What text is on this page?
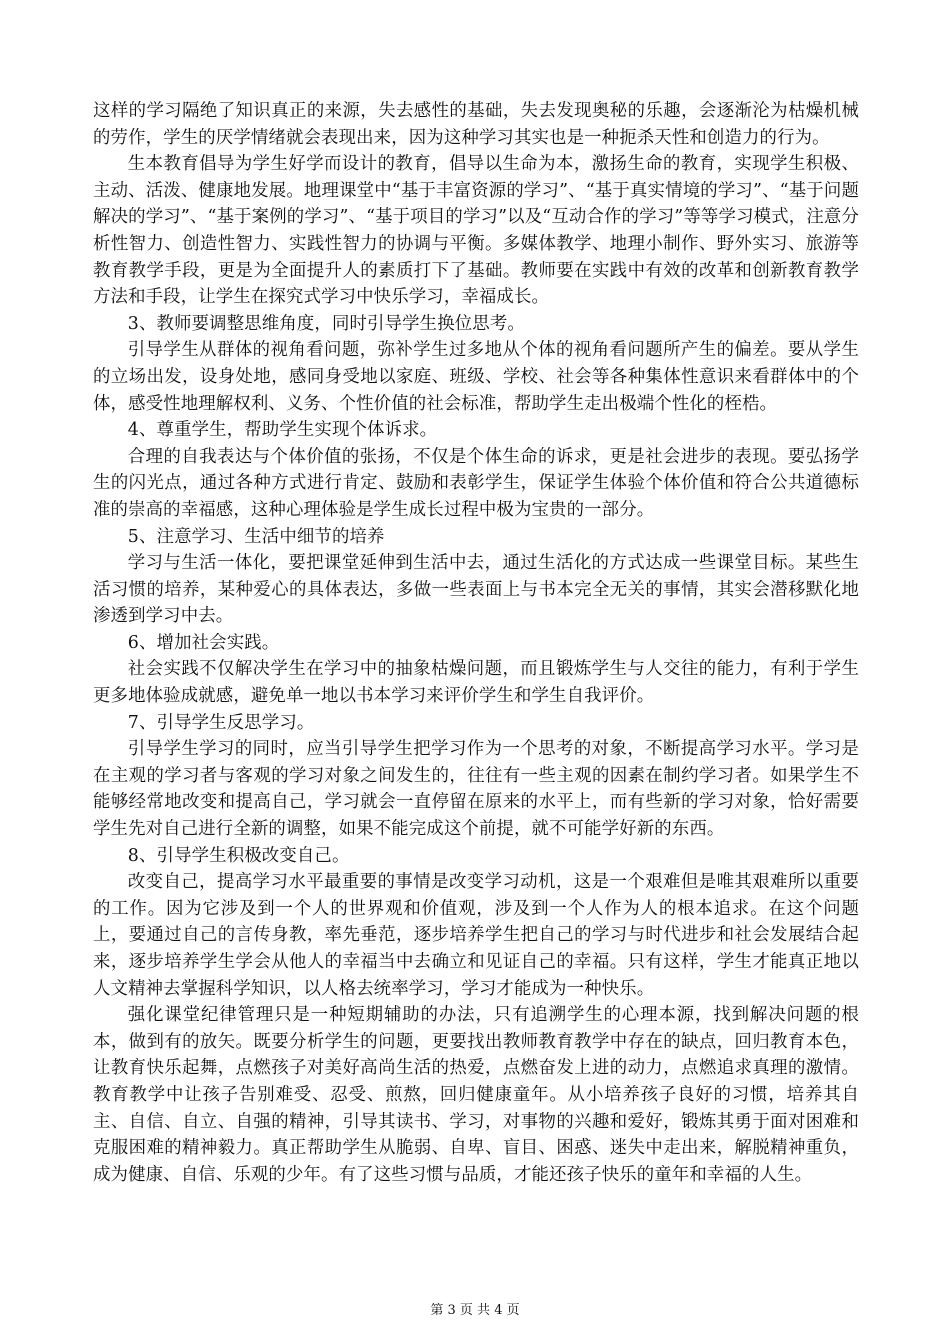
这样的学习隔绝了知识真正的来源，失去感性的基础，失去发现奥秘的乐趣，会逐渐沦为枯燥机械的劳作，学生的厌学情绪就会表现出来，因为这种学习其实也是一种扼杀天性和创造力的行为。

生本教育倡导为学生好学而设计的教育，倡导以生命为本，激扬生命的教育，实现学生积极、主动、活泼、健康地发展。地理课堂中“基于丰富资源的学习”、“基于真实情境的学习”、“基于问题解决的学习”、“基于案例的学习”、“基于项目的学习”以及“互动合作的学习”等等学习模式，注意分析性智力、创造性智力、实践性智力的协调与平衡。多媒体教学、地理小制作、野外实习、旅游等教育教学手段，更是为全面提升人的素质打下了基础。教师要在实践中有效的改革和创新教育教学方法和手段，让学生在探究式学习中快乐学习，幸福成长。

3、教师要调整思维角度，同时引导学生换位思考。

引导学生从群体的视角看问题，弥补学生过多地从个体的视角看问题所产生的偏差。要从学生的立场出发，设身处地，感同身受地以家庭、班级、学校、社会等各种集体性意识来看群体中的个体，感受性地理解权利、义务、个性价值的社会标准，帮助学生走出极端个性化的桎梏。

4、尊重学生，帮助学生实现个体诉求。

合理的自我表达与个体价值的张扬，不仅是个体生命的诉求，更是社会进步的表现。要弘扬学生的闪光点，通过各种方式进行肯定、鼓励和表彰学生，保证学生体验个体价值和符合公共道德标准的崇高的幸福感，这种心理体验是学生成长过程中极为宝贵的一部分。

5、注意学习、生活中细节的培养

学习与生活一体化，要把课堂延伸到生活中去，通过生活化的方式达成一些课堂目标。某些生活习惯的培养，某种爱心的具体表达，多做一些表面上与书本完全无关的事情，其实会潜移默化地渗透到学习中去。

6、增加社会实践。

社会实践不仅解决学生在学习中的抽象枯燥问题，而且锻炼学生与人交往的能力，有利于学生更多地体验成就感，避免单一地以书本学习来评价学生和学生自我评价。

7、引导学生反思学习。

引导学生学习的同时，应当引导学生把学习作为一个思考的对象，不断提高学习水平。学习是在主观的学习者与客观的学习对象之间发生的，往往有一些主观的因素在制约学习者。如果学生不能够经常地改变和提高自己，学习就会一直停留在原来的水平上，而有些新的学习对象，恰好需要学生先对自己进行全新的调整，如果不能完成这个前提，就不可能学好新的东西。

8、引导学生积极改变自己。

改变自己，提高学习水平最重要的事情是改变学习动机，这是一个艰难但是唯其艰难所以重要的工作。因为它涉及到一个人的世界观和价值观，涉及到一个人作为人的根本追求。在这个问题上，要通过自己的言传身教，率先垂范，逐步培养学生把自己的学习与时代进步和社会发展结合起来，逐步培养学生学会从他人的幸福当中去确立和见证自己的幸福。只有这样，学生才能真正地以人文精神去掌握科学知识，以人格去统率学习，学习才能成为一种快乐。

强化课堂纪律管理只是一种短期辅助的办法，只有追溯学生的心理本源，找到解决问题的根本，做到有的放矢。既要分析学生的问题，更要找出教师教育教学中存在的缺点，回归教育本色，让教育快乐起舞，点燃孩子对美好高尚生活的热爱，点燃奋发上进的动力，点燃追求真理的激情。教育教学中让孩子告别难受、忍受、煎熬，回归健康童年。从小培养孩子良好的习惯，培养其自主、自信、自立、自强的精神，引导其读书、学习，对事物的兴趣和爱好，锻炼其勇于面对困难和克服困难的精神毅力。真正帮助学生从脆弱、自卑、盲目、困惑、迷失中走出来，解脱精神重负，成为健康、自信、乐观的少年。有了这些习惯与品质，才能还孩子快乐的童年和幸福的人生。

第 3 页 共 4 页
